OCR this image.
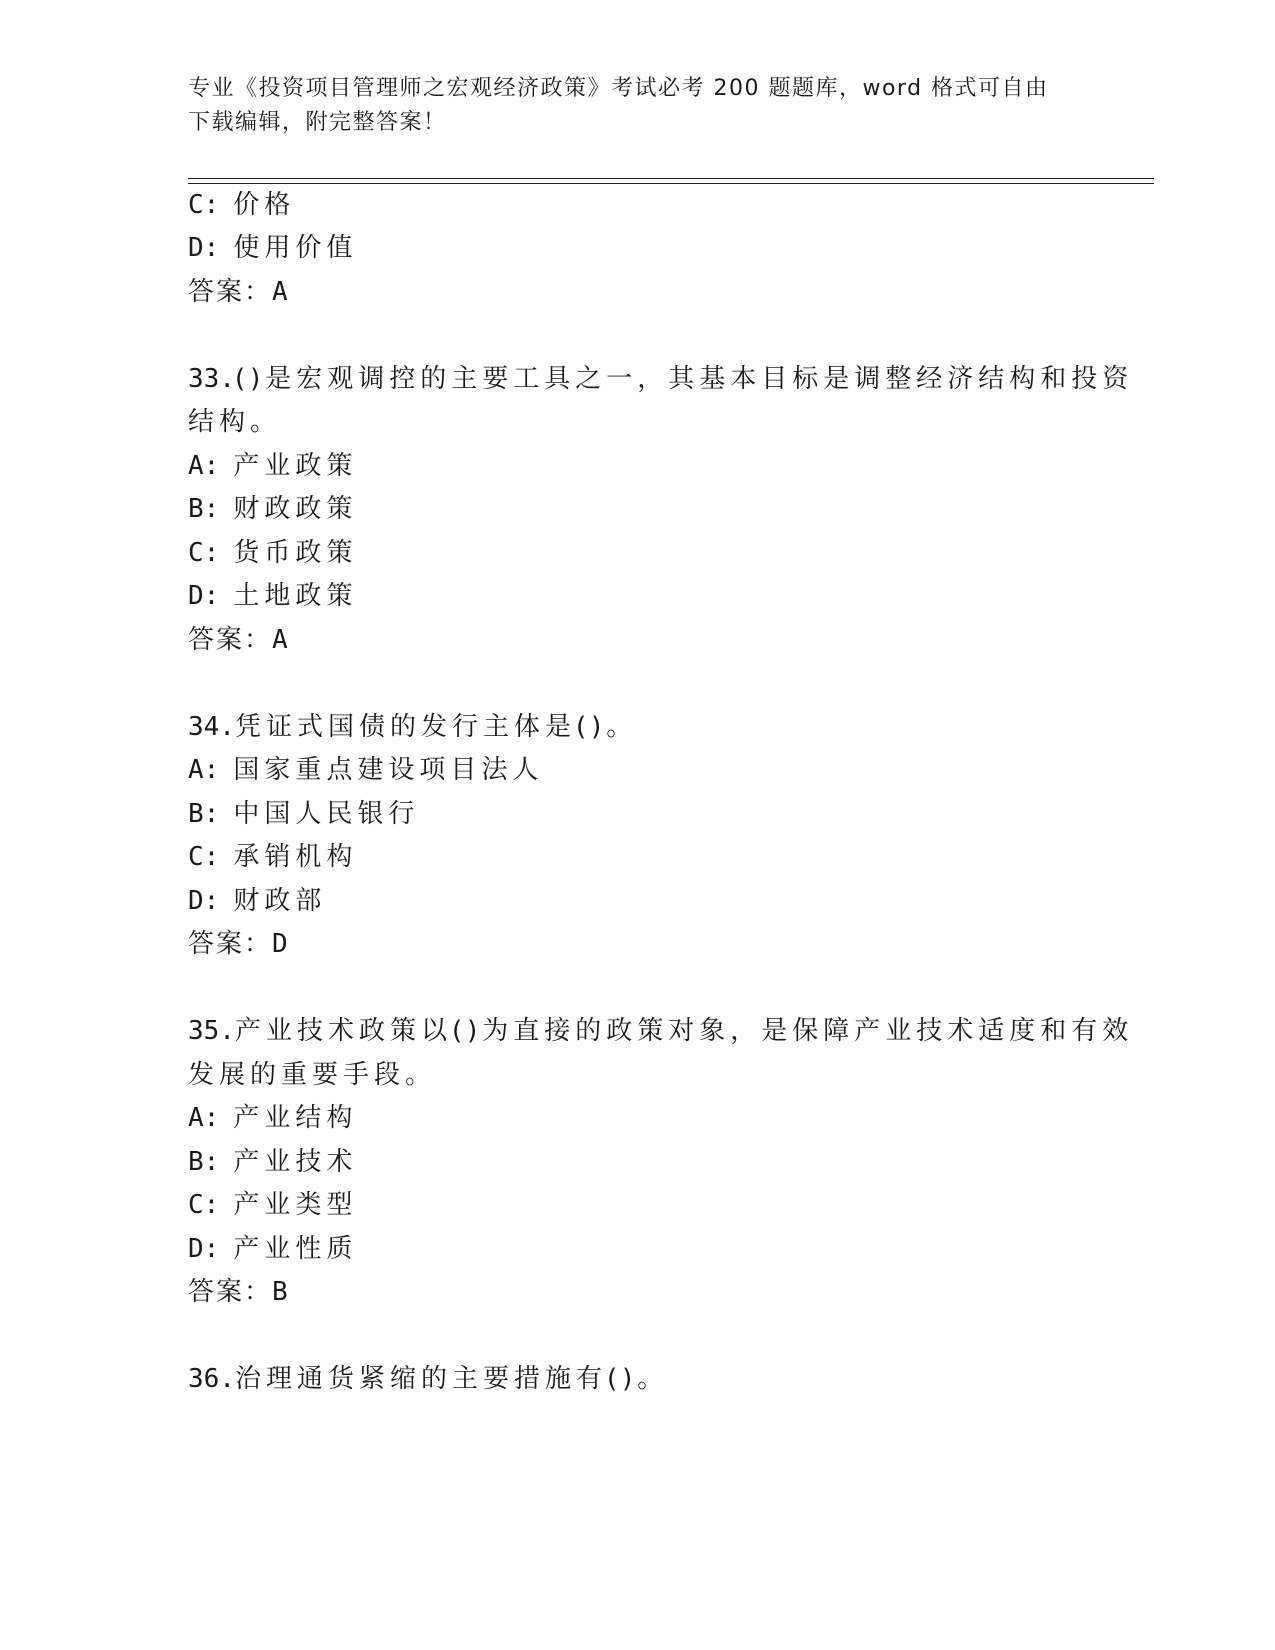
专业《投资项目管理师之宏观经济政策》考试必考 200 题题库，word 格式可自由
下载编辑，附完整答案！
C: 价格
D: 使用价值
答案：A
33.()是宏观调控的主要工具之一，其基本目标是调整经济结构和投资
结构。
A: 产业政策
B: 财政政策
C: 货币政策
D: 土地政策
答案：A
34.凭证式国债的发行主体是()。
A: 国家重点建设项目法人
B: 中国人民银行
C: 承销机构
D: 财政部
答案：D
35.产业技术政策以()为直接的政策对象，是保障产业技术适度和有效
发展的重要手段。
A: 产业结构
B: 产业技术
C: 产业类型
D: 产业性质
答案：B
36.治理通货紧缩的主要措施有()。
